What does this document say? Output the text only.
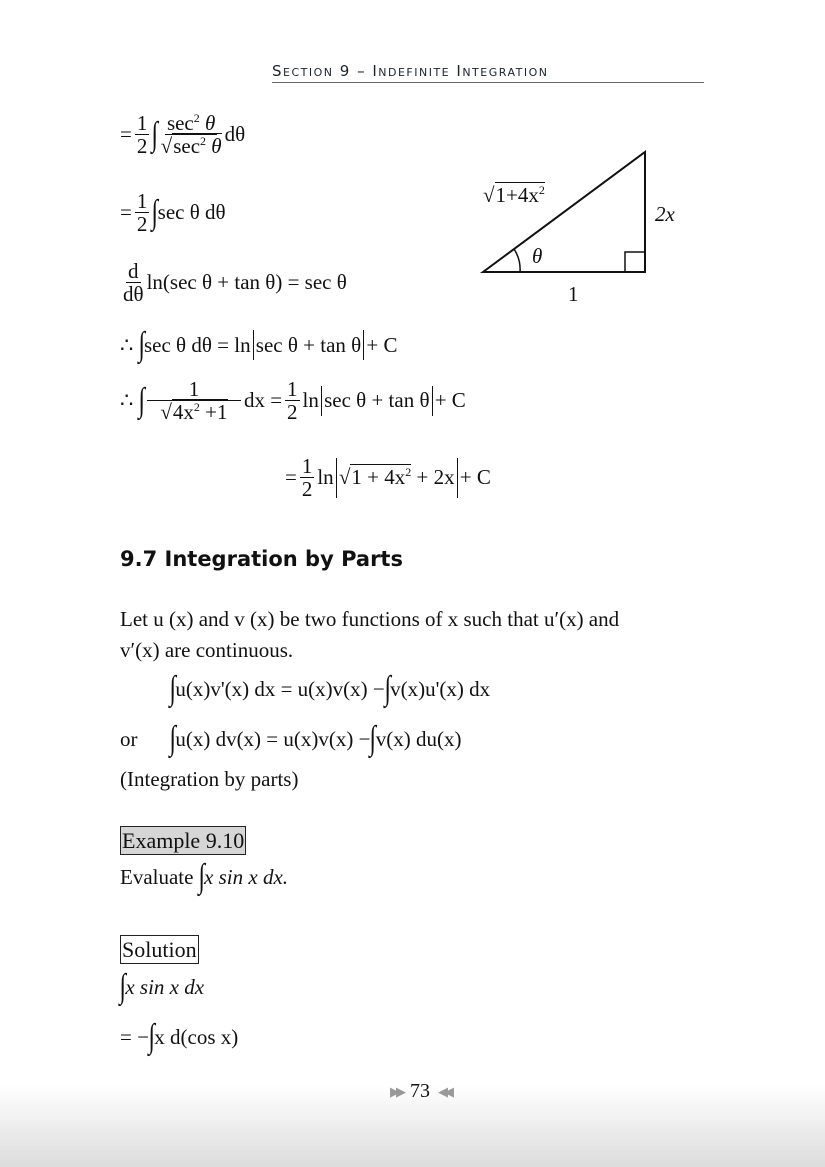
Section 9 – Indefinite Integration
= $\frac{1}{2}$ ∫ $\frac{\sec^2 \theta}{√\sec^2 \theta}$ dθ
= $\frac{1}{2}$ ∫ sec θ dθ
$\frac{d}{d\theta} \ln(\sec$ θ + tan θ) = sec θ
∴
∫ sec θ dθ = ln sec θ + tan θ + C
∴
∫ $\frac{1}{√4x^2 +1}$ dx = $\frac{1}{2}$ ln sec θ + tan θ + C
= $\frac{1}{2}$ $\ln √1 + 4x^2$
+ 2x + C
√ $1+4x^2$
2x
θ
1
9.7 Integration by Parts
Let u (x) and v (x) be two functions of x such that u′(x) and
v′(x) are continuous.
∫ u(x)v'(x) dx = u(x)v(x) − ∫ v(x)u'(x) dx
or ∫ u(x) dv(x) = u(x)v(x) − ∫ v(x) du(x)
(Integration by parts)
Example 9.10
Evaluate
∫ x sin x dx.
Solution
∫ x sin x dx
= − ∫ x d(cos x)
▶▶ 73 ◀◀
